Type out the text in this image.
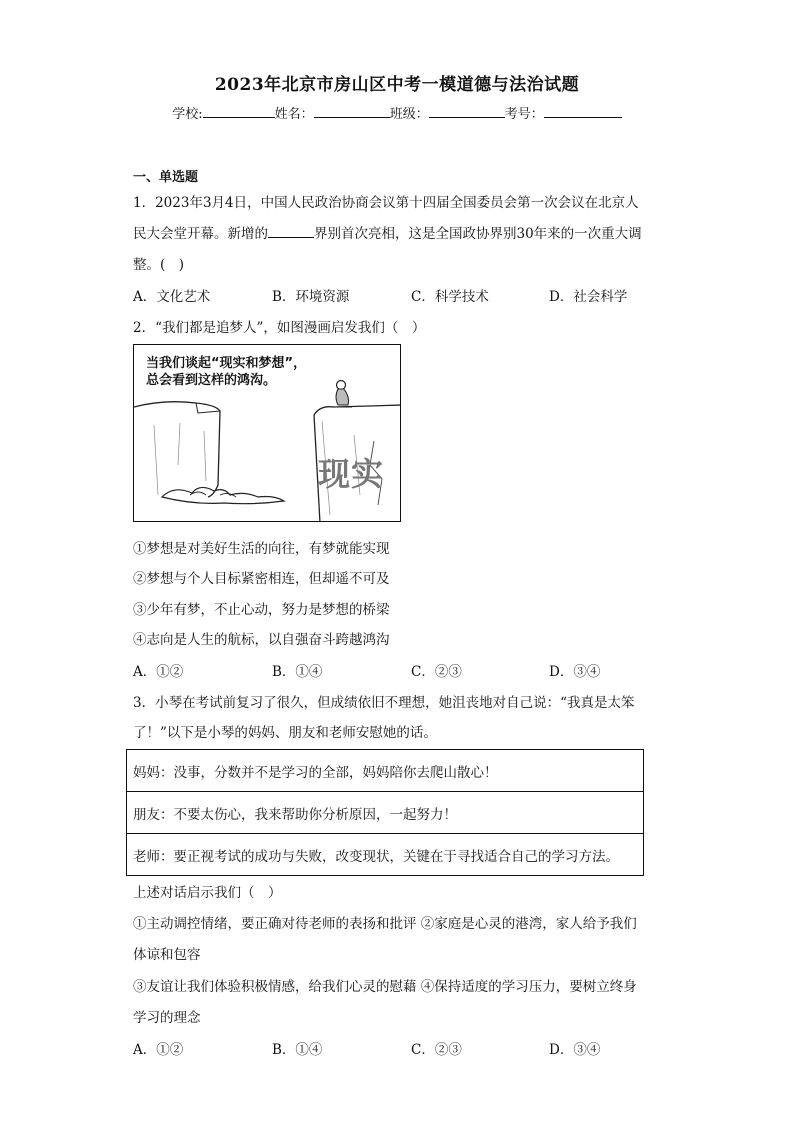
2023年北京市房山区中考一模道德与法治试题
学校:	姓名：	班级：	考号：
一、单选题
1．2023年3月4日，中国人民政治协商会议第十四届全国委员会第一次会议在北京人
民大会堂开幕。新增的	界别首次亮相，这是全国政协界别30年来的一次重大调
整。(　)
A．文化艺术	B．环境资源	C．科学技术	D．社会科学
2．“我们都是追梦人”，如图漫画启发我们（　）
当我们谈起“现实和梦想”，
总会看到这样的鸿沟。
现实
①梦想是对美好生活的向往，有梦就能实现
②梦想与个人目标紧密相连，但却遥不可及
③少年有梦，不止心动，努力是梦想的桥梁
④志向是人生的航标，以自强奋斗跨越鸿沟
A．①②	B．①④	C．②③	D．③④
3．小琴在考试前复习了很久，但成绩依旧不理想，她沮丧地对自己说：“我真是太笨
了！”以下是小琴的妈妈、朋友和老师安慰她的话。
妈妈：没事，分数并不是学习的全部，妈妈陪你去爬山散心！
朋友：不要太伤心，我来帮助你分析原因，一起努力！
老师：要正视考试的成功与失败，改变现状，关键在于寻找适合自己的学习方法。
上述对话启示我们（　）
①主动调控情绪，要正确对待老师的表扬和批评 ②家庭是心灵的港湾，家人给予我们
体谅和包容
③友谊让我们体验积极情感，给我们心灵的慰藉 ④保持适度的学习压力，要树立终身
学习的理念
A．①②	B．①④	C．②③	D．③④
